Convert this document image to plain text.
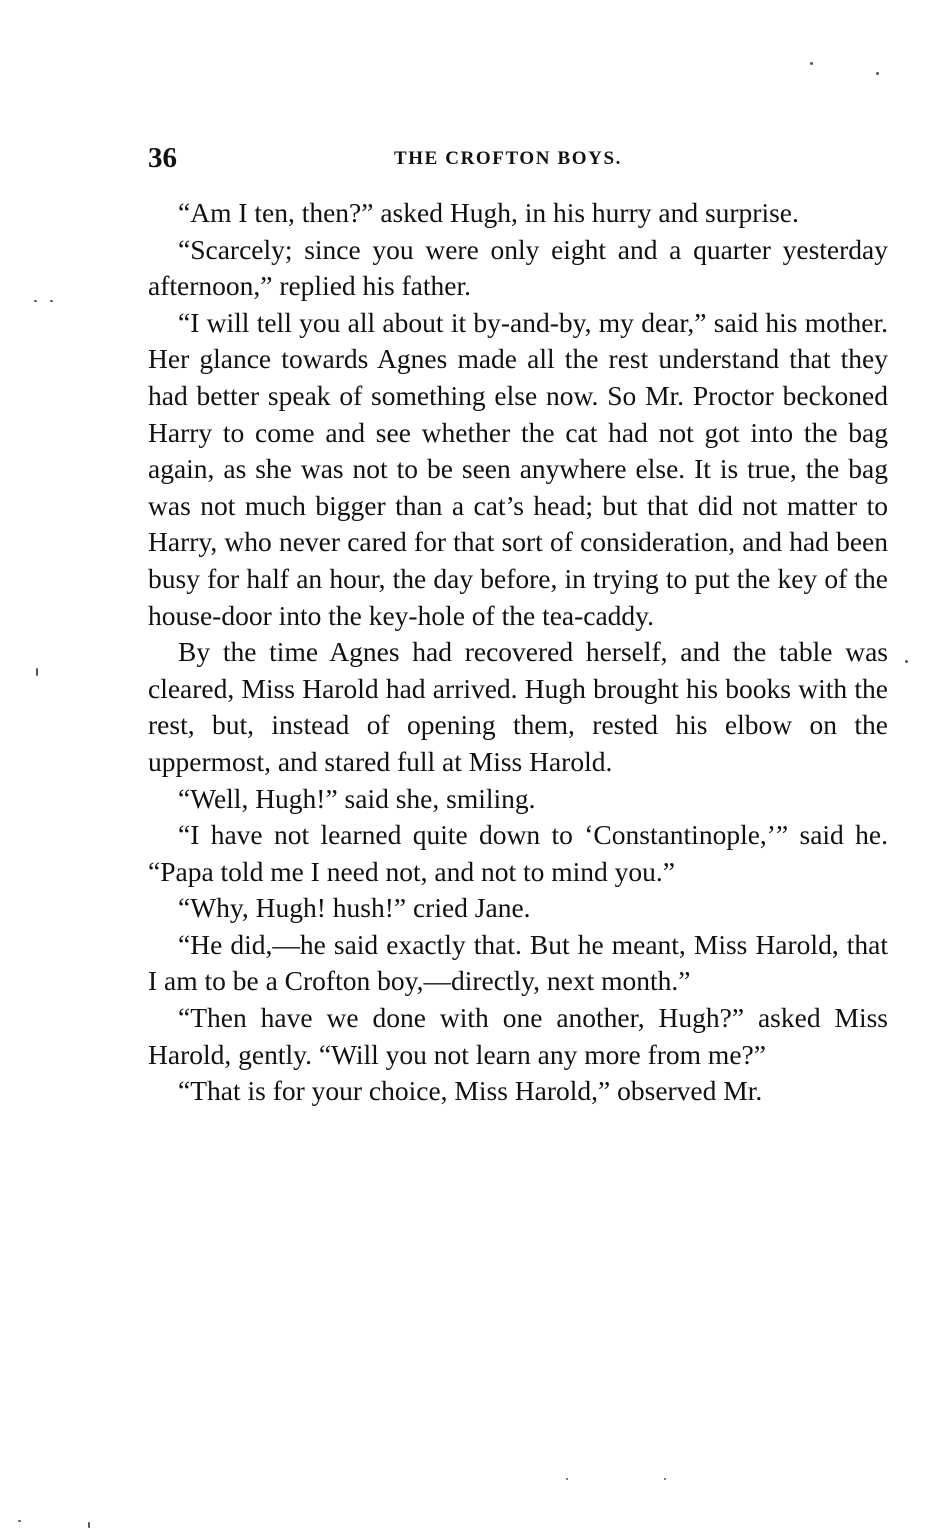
36	THE CROFTON BOYS.

“Am I ten, then?” asked Hugh, in his hurry and surprise.

“Scarcely; since you were only eight and a quarter yesterday afternoon,” replied his father.

“I will tell you all about it by-and-by, my dear,” said his mother. Her glance towards Agnes made all the rest understand that they had better speak of something else now. So Mr. Proctor beckoned Harry to come and see whether the cat had not got into the bag again, as she was not to be seen anywhere else. It is true, the bag was not much bigger than a cat’s head; but that did not matter to Harry, who never cared for that sort of consideration, and had been busy for half an hour, the day before, in trying to put the key of the house-door into the key-hole of the tea-caddy.

By the time Agnes had recovered herself, and the table was cleared, Miss Harold had arrived. Hugh brought his books with the rest, but, instead of opening them, rested his elbow on the uppermost, and stared full at Miss Harold.

“Well, Hugh!” said she, smiling.

“I have not learned quite down to ‘Constantinople,’” said he. “Papa told me I need not, and not to mind you.”

“Why, Hugh! hush!” cried Jane.

“He did,—he said exactly that. But he meant, Miss Harold, that I am to be a Crofton boy,—directly, next month.”

“Then have we done with one another, Hugh?” asked Miss Harold, gently. “Will you not learn any more from me?”

“That is for your choice, Miss Harold,” observed Mr.
